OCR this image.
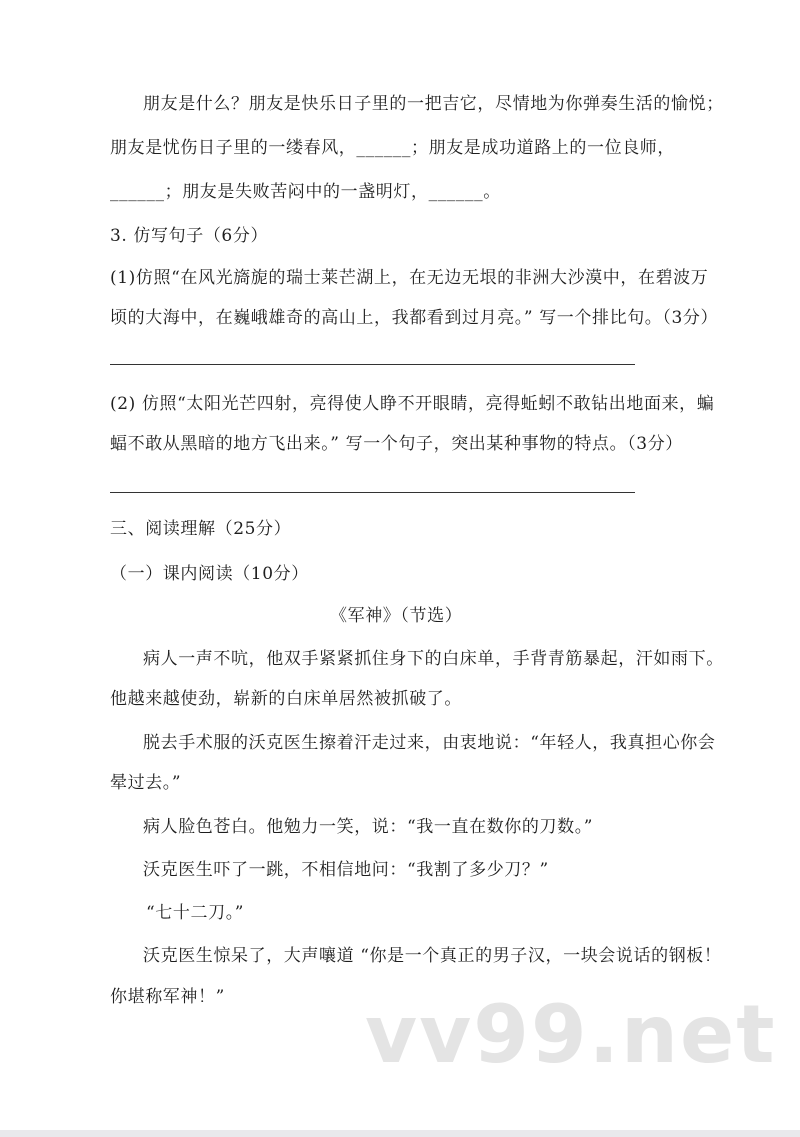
朋友是什么？朋友是快乐日子里的一把吉它，尽情地为你弹奏生活的愉悦；
朋友是忧伤日子里的一缕春风，______；朋友是成功道路上的一位良师，
______；朋友是失败苦闷中的一盏明灯，______。
3. 仿写句子（6分）
(1)仿照“在风光旖旎的瑞士莱芒湖上，在无边无垠的非洲大沙漠中，在碧波万
顷的大海中，在巍峨雄奇的高山上，我都看到过月亮。” 写一个排比句。（3分）
(2) 仿照“太阳光芒四射，亮得使人睁不开眼睛，亮得蚯蚓不敢钻出地面来，蝙
蝠不敢从黑暗的地方飞出来。” 写一个句子，突出某种事物的特点。（3分）
三、阅读理解（25分）
（一）课内阅读（10分）
《军神》（节选）
病人一声不吭，他双手紧紧抓住身下的白床单，手背青筋暴起，汗如雨下。
他越来越使劲，崭新的白床单居然被抓破了。
脱去手术服的沃克医生擦着汗走过来，由衷地说：“年轻人，我真担心你会
晕过去。”
病人脸色苍白。他勉力一笑，说：“我一直在数你的刀数。”
沃克医生吓了一跳，不相信地问：“我割了多少刀？”
“七十二刀。”
沃克医生惊呆了，大声嚷道 “你是一个真正的男子汉，一块会说话的钢板！
你堪称军神！” vv99.net
